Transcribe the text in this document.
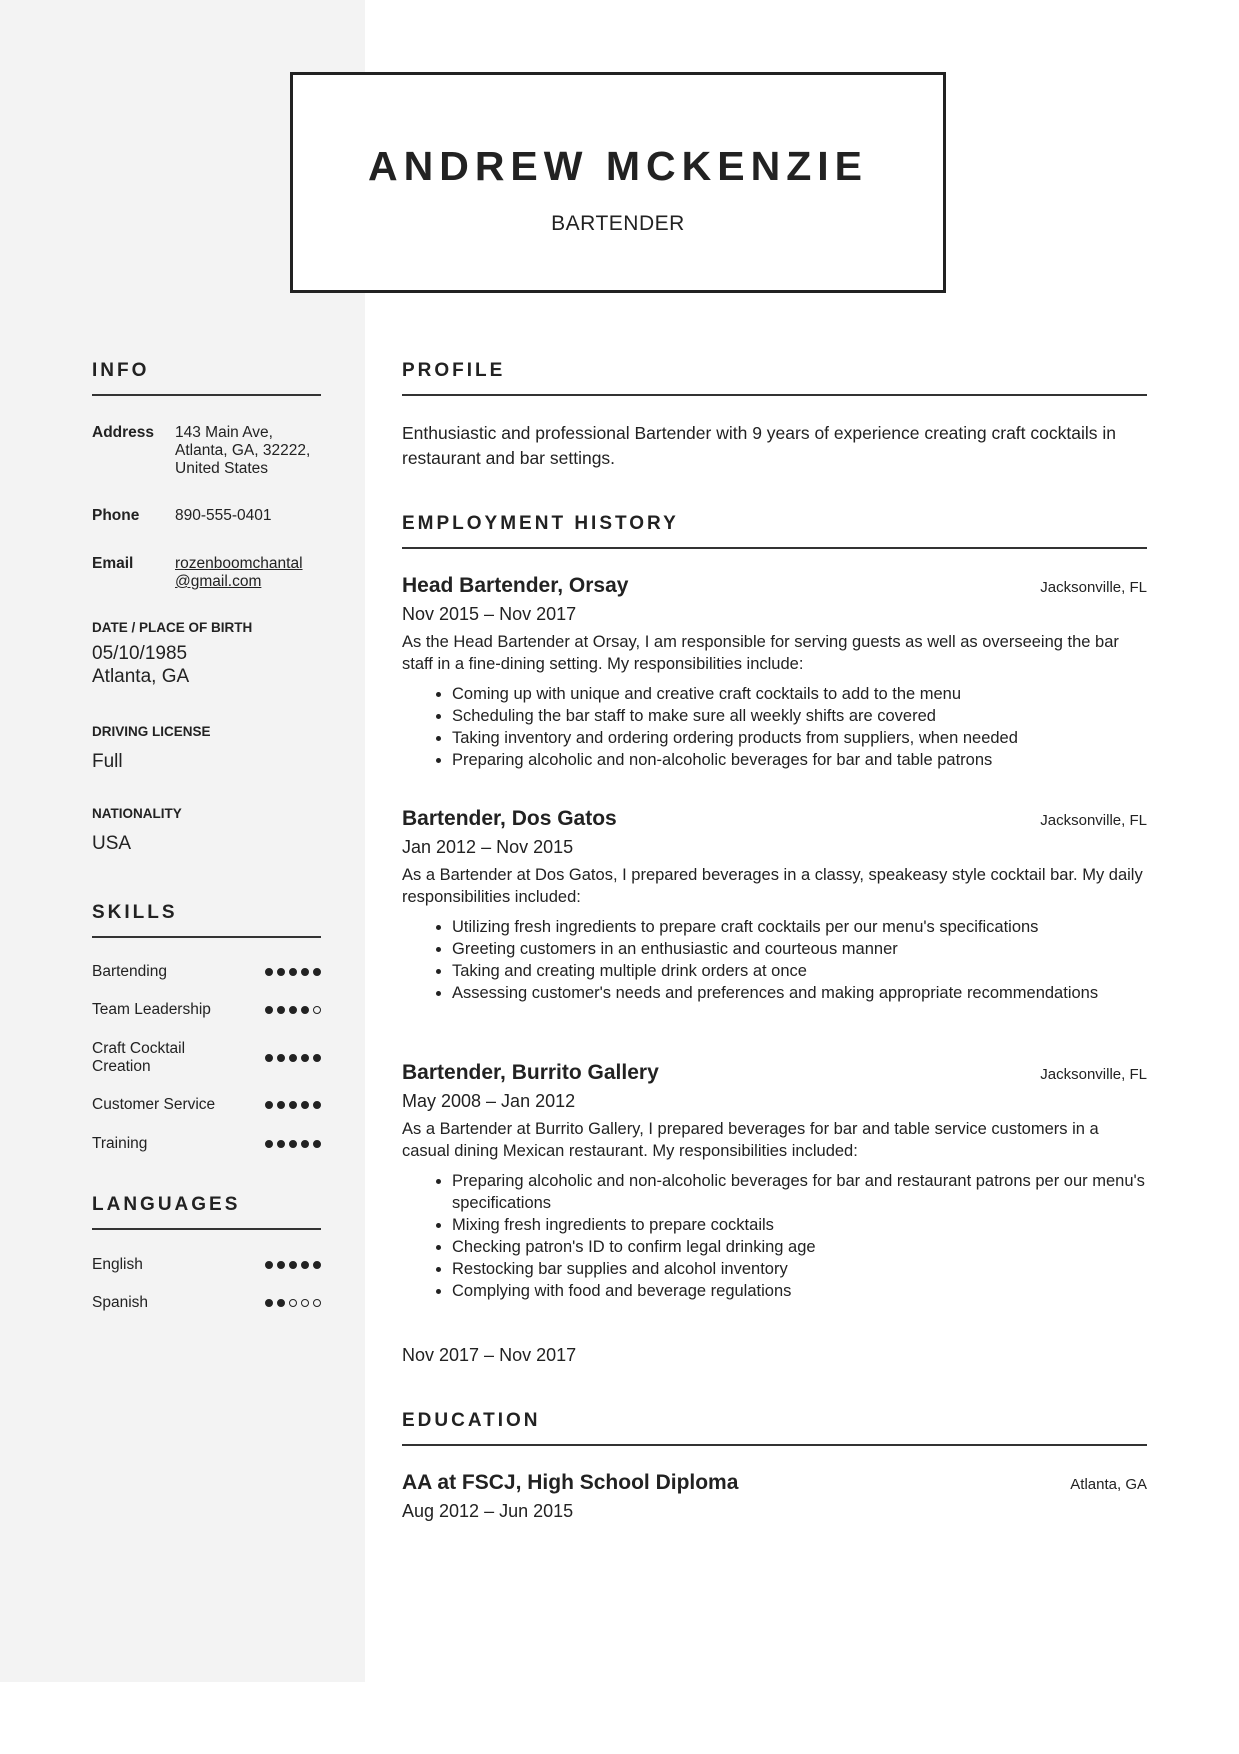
ANDREW MCKENZIE
BARTENDER
INFO
Address	143 Main Ave,
Atlanta, GA, 32222,
United States
Phone	890-555-0401
Email	rozenboomchantal
@gmail.com
DATE / PLACE OF BIRTH
05/10/1985
Atlanta, GA
DRIVING LICENSE
Full
NATIONALITY
USA
SKILLS
Bartending
Team Leadership
Craft Cocktail Creation
Customer Service
Training
LANGUAGES
English
Spanish
PROFILE
Enthusiastic and professional Bartender with 9 years of experience creating craft cocktails in restaurant and bar settings.
EMPLOYMENT HISTORY
Head Bartender, Orsay	Jacksonville, FL
Nov 2015 – Nov 2017
As the Head Bartender at Orsay, I am responsible for serving guests as well as overseeing the bar staff in a fine-dining setting. My responsibilities include:
• Coming up with unique and creative craft cocktails to add to the menu
• Scheduling the bar staff to make sure all weekly shifts are covered
• Taking inventory and ordering ordering products from suppliers, when needed
• Preparing alcoholic and non-alcoholic beverages for bar and table patrons
Bartender, Dos Gatos	Jacksonville, FL
Jan 2012 – Nov 2015
As a Bartender at Dos Gatos, I prepared beverages in a classy, speakeasy style cocktail bar. My daily responsibilities included:
• Utilizing fresh ingredients to prepare craft cocktails per our menu's specifications
• Greeting customers in an enthusiastic and courteous manner
• Taking and creating multiple drink orders at once
• Assessing customer's needs and preferences and making appropriate recommendations
Bartender, Burrito Gallery	Jacksonville, FL
May 2008 – Jan 2012
As a Bartender at Burrito Gallery, I prepared beverages for bar and table service customers in a casual dining Mexican restaurant. My responsibilities included:
• Preparing alcoholic and non-alcoholic beverages for bar and restaurant patrons per our menu's specifications
• Mixing fresh ingredients to prepare cocktails
• Checking patron's ID to confirm legal drinking age
• Restocking bar supplies and alcohol inventory
• Complying with food and beverage regulations
Nov 2017 – Nov 2017
EDUCATION
AA at FSCJ, High School Diploma	Atlanta, GA
Aug 2012 – Jun 2015
